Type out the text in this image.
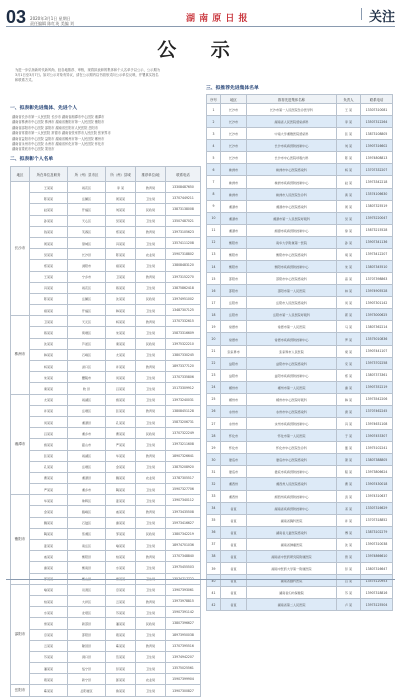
03 2020年3月1日 星期日
责任编辑 陈红英 美编 刘	湖 南 原 日 报	关注
公 示

为进一步弘扬新时代新风尚，经各地推荐、审核，现将拟表彰的集体和个人名单予以公示，公示期为

3月1日至3月7日。如对公示对象有异议，请在公示期内以书面形式向公示单位反映，并署真实姓名

和联系方式。

一、拟表彰先进集体、先进个人

湖南省长沙市第一人民医院 长沙市 湖南省湘潭市中心医院 湘潭市

湖南省株洲市中心医院 株洲市 湖南省衡阳市第一人民医院 衡阳市

湖南省邵阳市中心医院 邵阳市 湖南省岳阳市人民医院 岳阳市

湖南省常德市第一人民医院 常德市 湖南省张家界市人民医院 张家界市

湖南省益阳市中心医院 益阳市 湖南省郴州市第一人民医院 郴州市

湖南省永州市中心医院 永州市 湖南省怀化市第一人民医院 怀化市

湖南省娄底市中心医院 娄底市

二、拟表彰个人名单
地区	所在单位及职务	所（州）县市区	所（州）县城	推荐单位/地	联系电话
长沙市	王某某	雨花区	李 某	教育局	13308487650
	陈某某	岳麓区	周某某	卫生局	13707449211
	赵某某	开福区	刘某某	民政局	13873138008
	孙某某	天心区	吴某某	卫生局	13507487021
	钱某某	芙蓉区	郑某某	教育局	13973105623
	周某某	望城区	冯某某	卫生局	13574111208
	吴某某	长沙县	陈某某	农业局	15907318802
	郑某某	浏阳市	褚某某	卫生局	13808483120
	王某某	宁乡市	卫某某	教育局	13973152270
	冯某某	雨花区	蒋某某	卫生局	13875862418
	陈某某	岳麓区	沈某某	民政局	13974951002
	褚某某	开福区	韩某某	卫生局	13487307125
株洲市	卫某某	天元区	杨某某	教育局	13707332615
	蒋某某	荷塘区	朱某某	卫生局	15873316609
	沈某某	芦淞区	秦某某	民政局	13975322210
	韩某某	石峰区	尤某某	卫生局	13807330245
	杨某某	渌口区	许某某	教育局	18973377120
	朱某某	醴陵市	何某某	卫生局	13707335806
	秦某某	攸 县	吕某某	卫生局	15173309912
湘潭市	尤某某	雨湖区	施某某	卫生局	13973240031
	许某某	岳塘区	张某某	教育局	13808451128
	何某某	湘潭县	孔某某	卫生局	15873206731
	吕某某	湘乡市	曹某某	民政局	13707322249
	施某某	韶山市	严某某	卫生局	13973211608
	张某某	雨湖区	华某某	教育局	18907326641
	孔某某	岳塘区	金某某	卫生局	13875208920
	曹某某	湘潭县	魏某某	农业局	13787305517
	严某某	湘乡市	陶某某	卫生局	15907327706
衡阳市	华某某	珠晖区	姜某某	卫生局	13907340112
	金某某	雁峰区	戚某某	教育局	13973435508
	魏某某	石鼓区	谢某某	卫生局	15973416627
	陶某某	蒸湘区	邹某某	民政局	13807342219
	姜某某	南岳区	喻某某	卫生局	18974701036
	戚某某	衡阳县	柏某某	教育局	13707348840
	谢某某	衡南县	水某某	卫生局	13975455503
	邹某某	衡山县	窦某某	卫生局	13574717722
邵阳市	喻某某	双清区	章某某	卫生局	13907393061
	柏某某	大祥区	云某某	教育局	13973978815
	水某某	北塔区	苏某某	卫生局	15907391142
	窦某某	新邵县	潘某某	民政局	13807396627
	章某某	邵阳县	葛某某	卫生局	18973950038
	云某某	隆回县	奚某某	教育局	13707395516
	苏某某	洞口县	范某某	卫生局	13974942207
	潘某某	绥宁县	彭某某	卫生局	13575025561
	葛某某	新宁县	郎某某	农业局	15907399904
岳阳市	奚某某	岳阳楼区	鲁某某	卫生局	13907300827
三、拟推荐先进集体名单
序号	地区	推荐先进集体名称	负责人	联系电话
1	长沙市	长沙市第一人民医院急诊医学科	王 某	13307310081
2	长沙市	湖南省人民医院感染病科	李 某	13507312264
3	长沙市	中南大学湘雅医院感染科	张 某	13873108805
4	长沙市	长沙市疾病预防控制中心	刘 某	13907316602
5	长沙市	长沙市中心医院呼吸内科	陈 某	13974808813
6	株洲市	株洲市中心医院感染科	杨 某	13707332207
7	株洲市	株洲市疾病预防控制中心	赵 某	13973342218
8	株洲市	株洲市人民医院急诊科	黄 某	13574106630
9	湘潭市	湘潭市中心医院感染科	周 某	13807325519
10	湘潭市	湘潭市第一人民医院呼吸科	吴 某	13975220047
11	湘潭市	湘潭市疾病预防控制中心	徐 某	15873215528
12	衡阳市	南华大学附属第一医院	孙 某	13907341136
13	衡阳市	衡阳市中心医院感染科	胡 某	13973412207
14	衡阳市	衡阳市疾病预防控制中心	朱 某	13807345510
15	邵阳市	邵阳市中心医院感染科	高 某	13707398863
16	邵阳市	邵阳市第一人民医院	林 某	13974905528
17	岳阳市	岳阳市人民医院感染科	何 某	13907301142
18	岳阳市	岳阳市第一人民医院呼吸科	郭 某	13973000625
19	常德市	常德市第一人民医院	马 某	13807362214
20	常德市	常德市疾病预防控制中心	罗 某	13575010836
21	张家界市	张家界市人民医院	梁 某	13907441107
22	益阳市	益阳市中心医院感染科	宋 某	13973702258
23	益阳市	益阳市疾病预防控制中心	郑 某	13807373361
24	郴州市	郴州市第一人民医院	谢 某	13907352219
25	郴州市	郴州市中心医院呼吸科	韩 某	13973542206
26	永州市	永州市中心医院感染科	唐 某	13707462245
27	永州市	永州市疾病预防控制中心	冯 某	13974631108
28	怀化市	怀化市第一人民医院	于 某	13907453307
29	怀化市	怀化市中心医院急诊科	董 某	13975102241
30	娄底市	娄底市中心医院感染科	萧 某	13807388805
31	娄底市	娄底市疾病预防控制中心	程 某	13973806624
32	湘西州	湘西州人民医院感染科	曹 某	13907430018
33	湘西州	湘西州疾病预防控制中心	袁 某	13974310637
34	省直	湖南省疾病预防控制中心	邓 某	13307316629
35	省直	湖南省胸科医院	许 某	13707318852
36	省直	湖南省儿童医院感染科	傅 某	13873102279
37	省直	湖南省肿瘤医院	沈 某	13907310038
38	省直	湖南省中医药研究院附属医院	曾 某	13974866610
39	省直	湖南中医药大学第一附属医院	彭 某	13807316647
40	省直	湖南省脑科医院	吕 某	13575120953
41	省直	湖南省妇幼保健院	苏 某	13907318816
42	省直	湖南省第二人民医院	卢 某	13973125504
